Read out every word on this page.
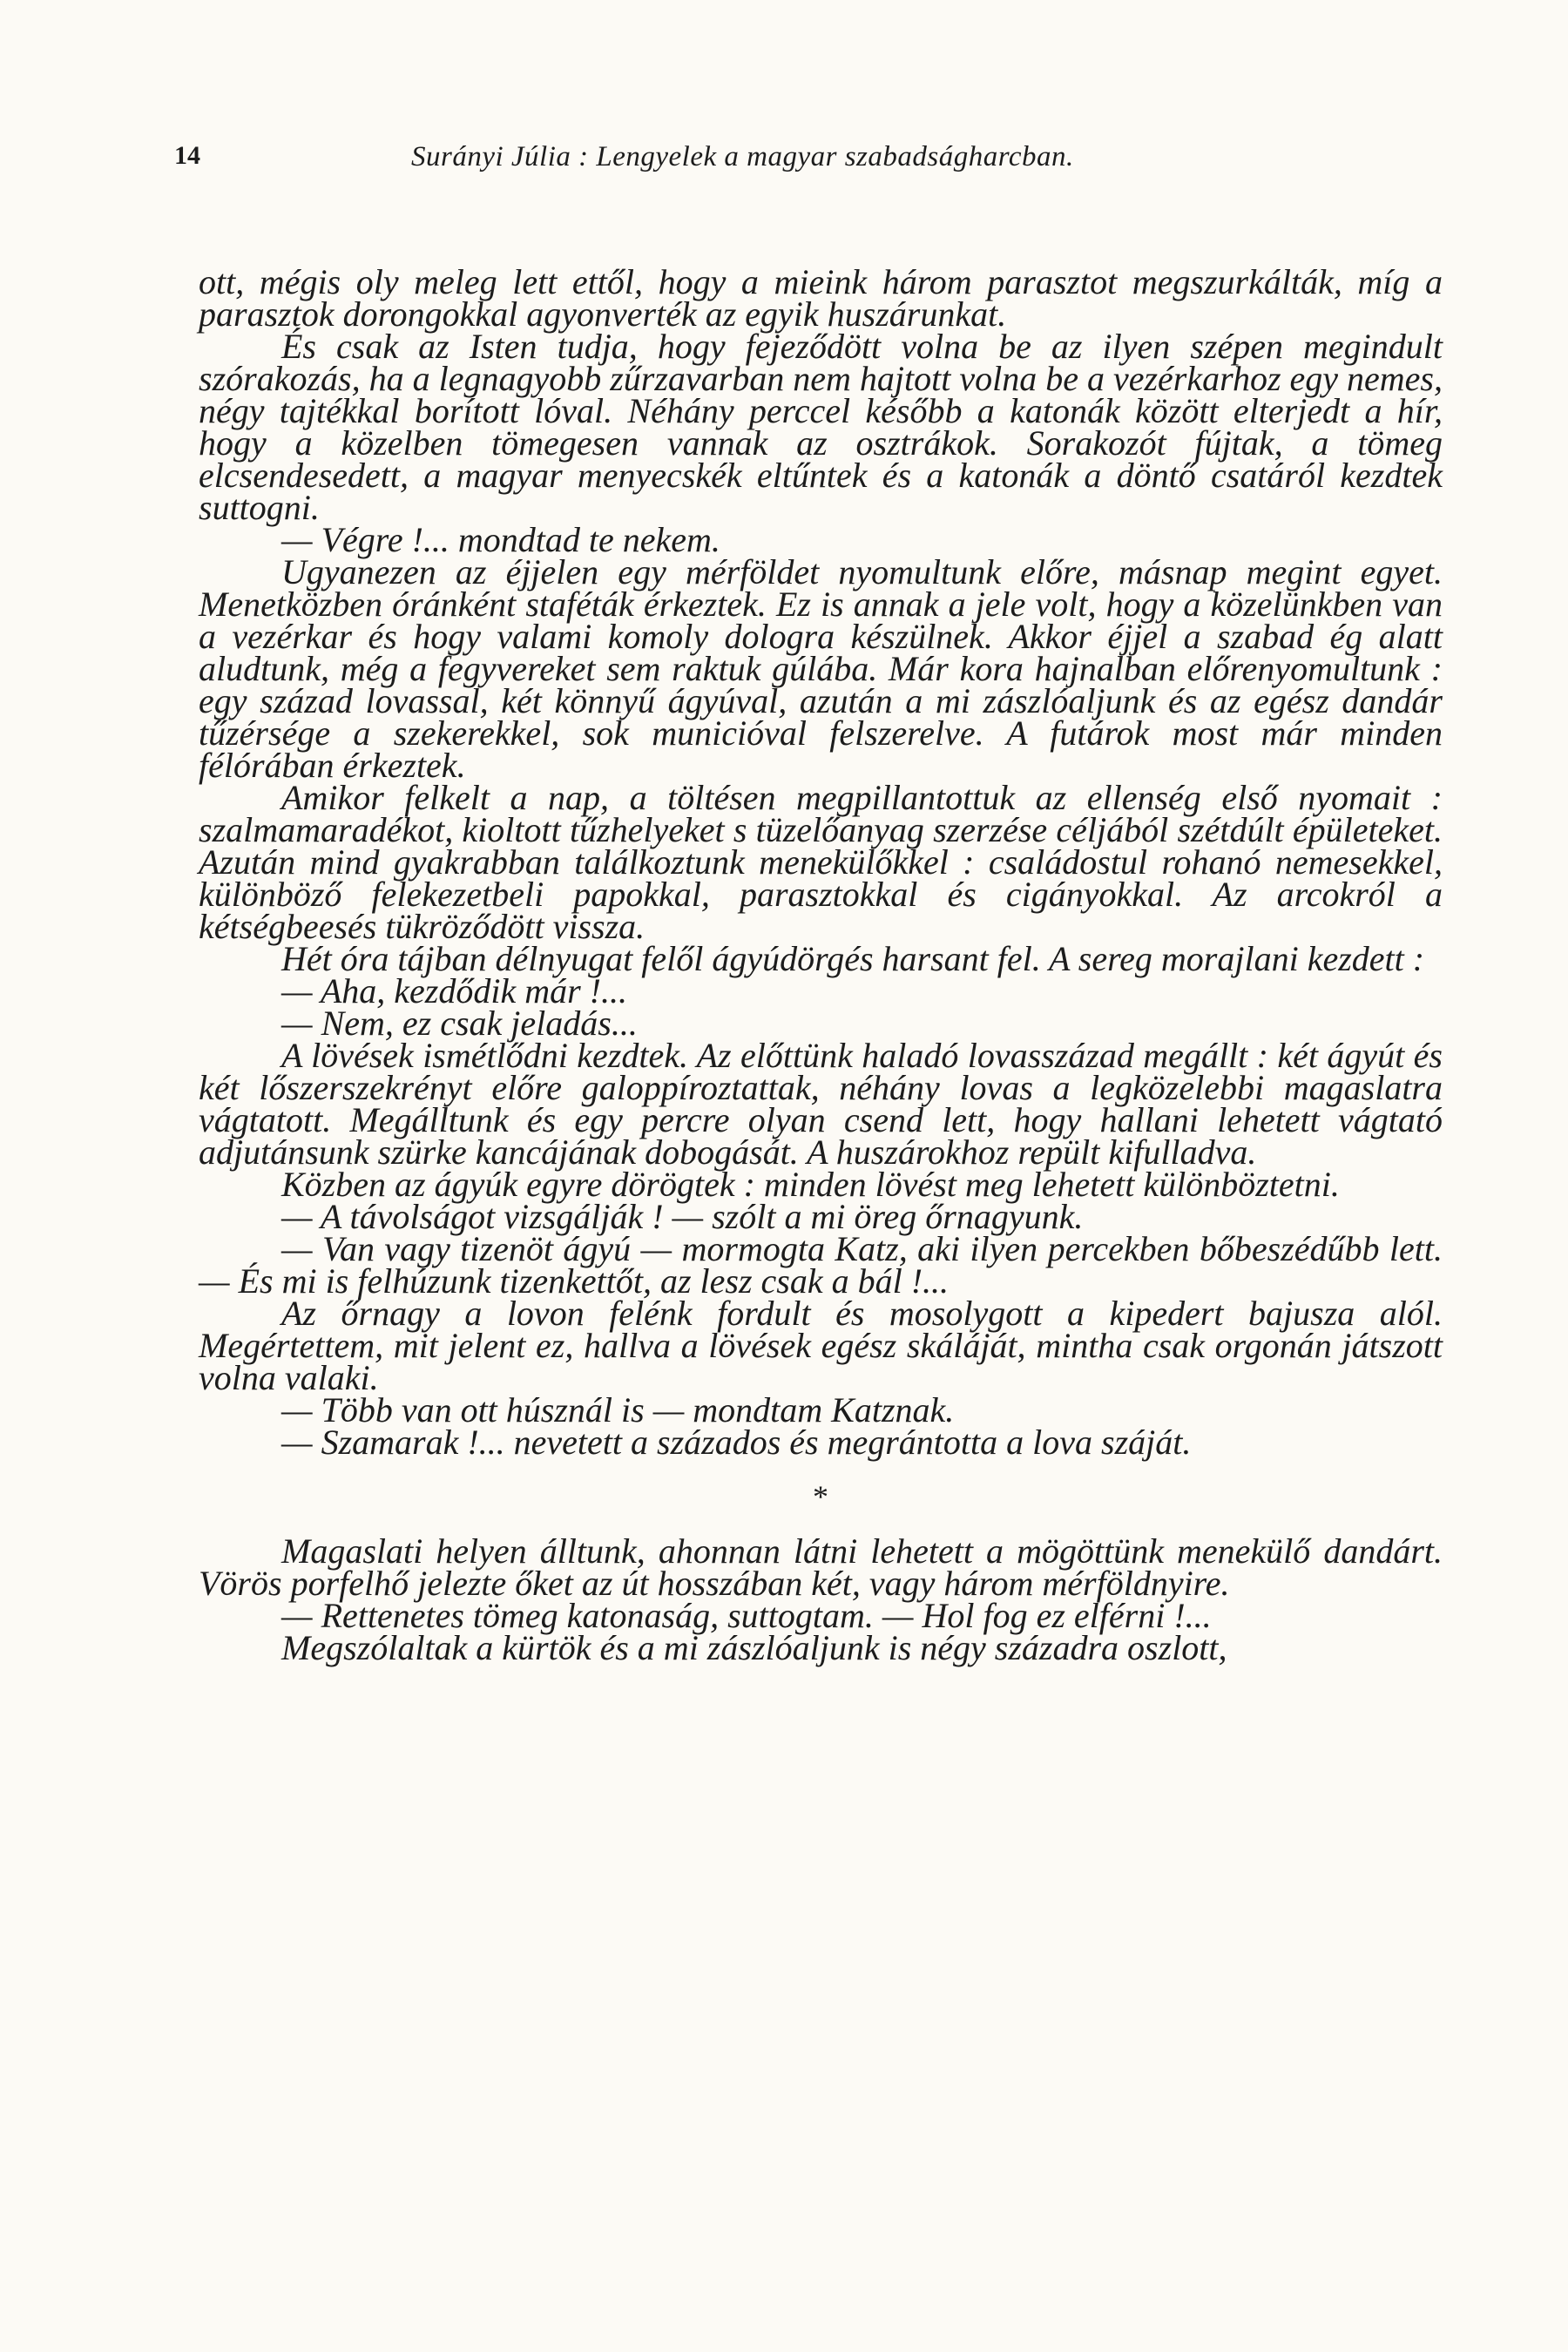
14	Surányi Júlia : Lengyelek a magyar szabadságharcban.

ott, mégis oly meleg lett ettől, hogy a mieink három parasztot megszurkálták, míg a parasztok dorongokkal agyonverték az egyik huszárunkat.

És csak az Isten tudja, hogy fejeződött volna be az ilyen szépen megindult szórakozás, ha a legnagyobb zűrzavarban nem hajtott volna be a vezérkarhoz egy nemes, négy tajtékkal borított lóval. Néhány perccel később a katonák között elterjedt a hír, hogy a közelben tömegesen vannak az osztrákok. Sorakozót fújtak, a tömeg elcsendesedett, a magyar menyecskék eltűntek és a katonák a döntő csatáról kezdtek suttogni.

— Végre !... mondtad te nekem.

Ugyanezen az éjjelen egy mérföldet nyomultunk előre, másnap megint egyet. Menetközben óránként staféták érkeztek. Ez is annak a jele volt, hogy a közelünkben van a vezérkar és hogy valami komoly dologra készülnek. Akkor éjjel a szabad ég alatt aludtunk, még a fegyvereket sem raktuk gúlába. Már kora hajnalban előrenyomultunk : egy század lovassal, két könnyű ágyúval, azután a mi zászlóaljunk és az egész dandár tűzérsége a szekerekkel, sok municióval felszerelve. A futárok most már minden félórában érkeztek.

Amikor felkelt a nap, a töltésen megpillantottuk az ellenség első nyomait : szalmamaradékot, kioltott tűzhelyeket s tüzelőanyag szerzése céljából szétdúlt épületeket. Azután mind gyakrabban találkoztunk menekülőkkel : családostul rohanó nemesekkel, különböző felekezetbeli papokkal, parasztokkal és cigányokkal. Az arcokról a kétségbeesés tükröződött vissza.

Hét óra tájban délnyugat felől ágyúdörgés harsant fel. A sereg morajlani kezdett :

— Aha, kezdődik már !...

— Nem, ez csak jeladás...

A lövések ismétlődni kezdtek. Az előttünk haladó lovasszázad megállt : két ágyút és két lőszerszekrényt előre galoppíroztattak, néhány lovas a legközelebbi magaslatra vágtatott. Megálltunk és egy percre olyan csend lett, hogy hallani lehetett vágtató adjutánsunk szürke kancájának dobogását. A huszárokhoz repült kifulladva.

Közben az ágyúk egyre dörögtek : minden lövést meg lehetett különböztetni.

— A távolságot vizsgálják ! — szólt a mi öreg őrnagyunk.

— Van vagy tizenöt ágyú — mormogta Katz, aki ilyen percekben bőbeszédűbb lett. — És mi is felhúzunk tizenkettőt, az lesz csak a bál !...

Az őrnagy a lovon felénk fordult és mosolygott a kipedert bajusza alól. Megértettem, mit jelent ez, hallva a lövések egész skáláját, mintha csak orgonán játszott volna valaki.

— Több van ott húsznál is — mondtam Katznak.

— Szamarak !... nevetett a százados és megrántotta a lova száját.

*

Magaslati helyen álltunk, ahonnan látni lehetett a mögöttünk menekülő dandárt. Vörös porfelhő jelezte őket az út hosszában két, vagy három mérföldnyire.

— Rettenetes tömeg katonaság, suttogtam. — Hol fog ez elférni !...

Megszólaltak a kürtök és a mi zászlóaljunk is négy századra oszlott,
